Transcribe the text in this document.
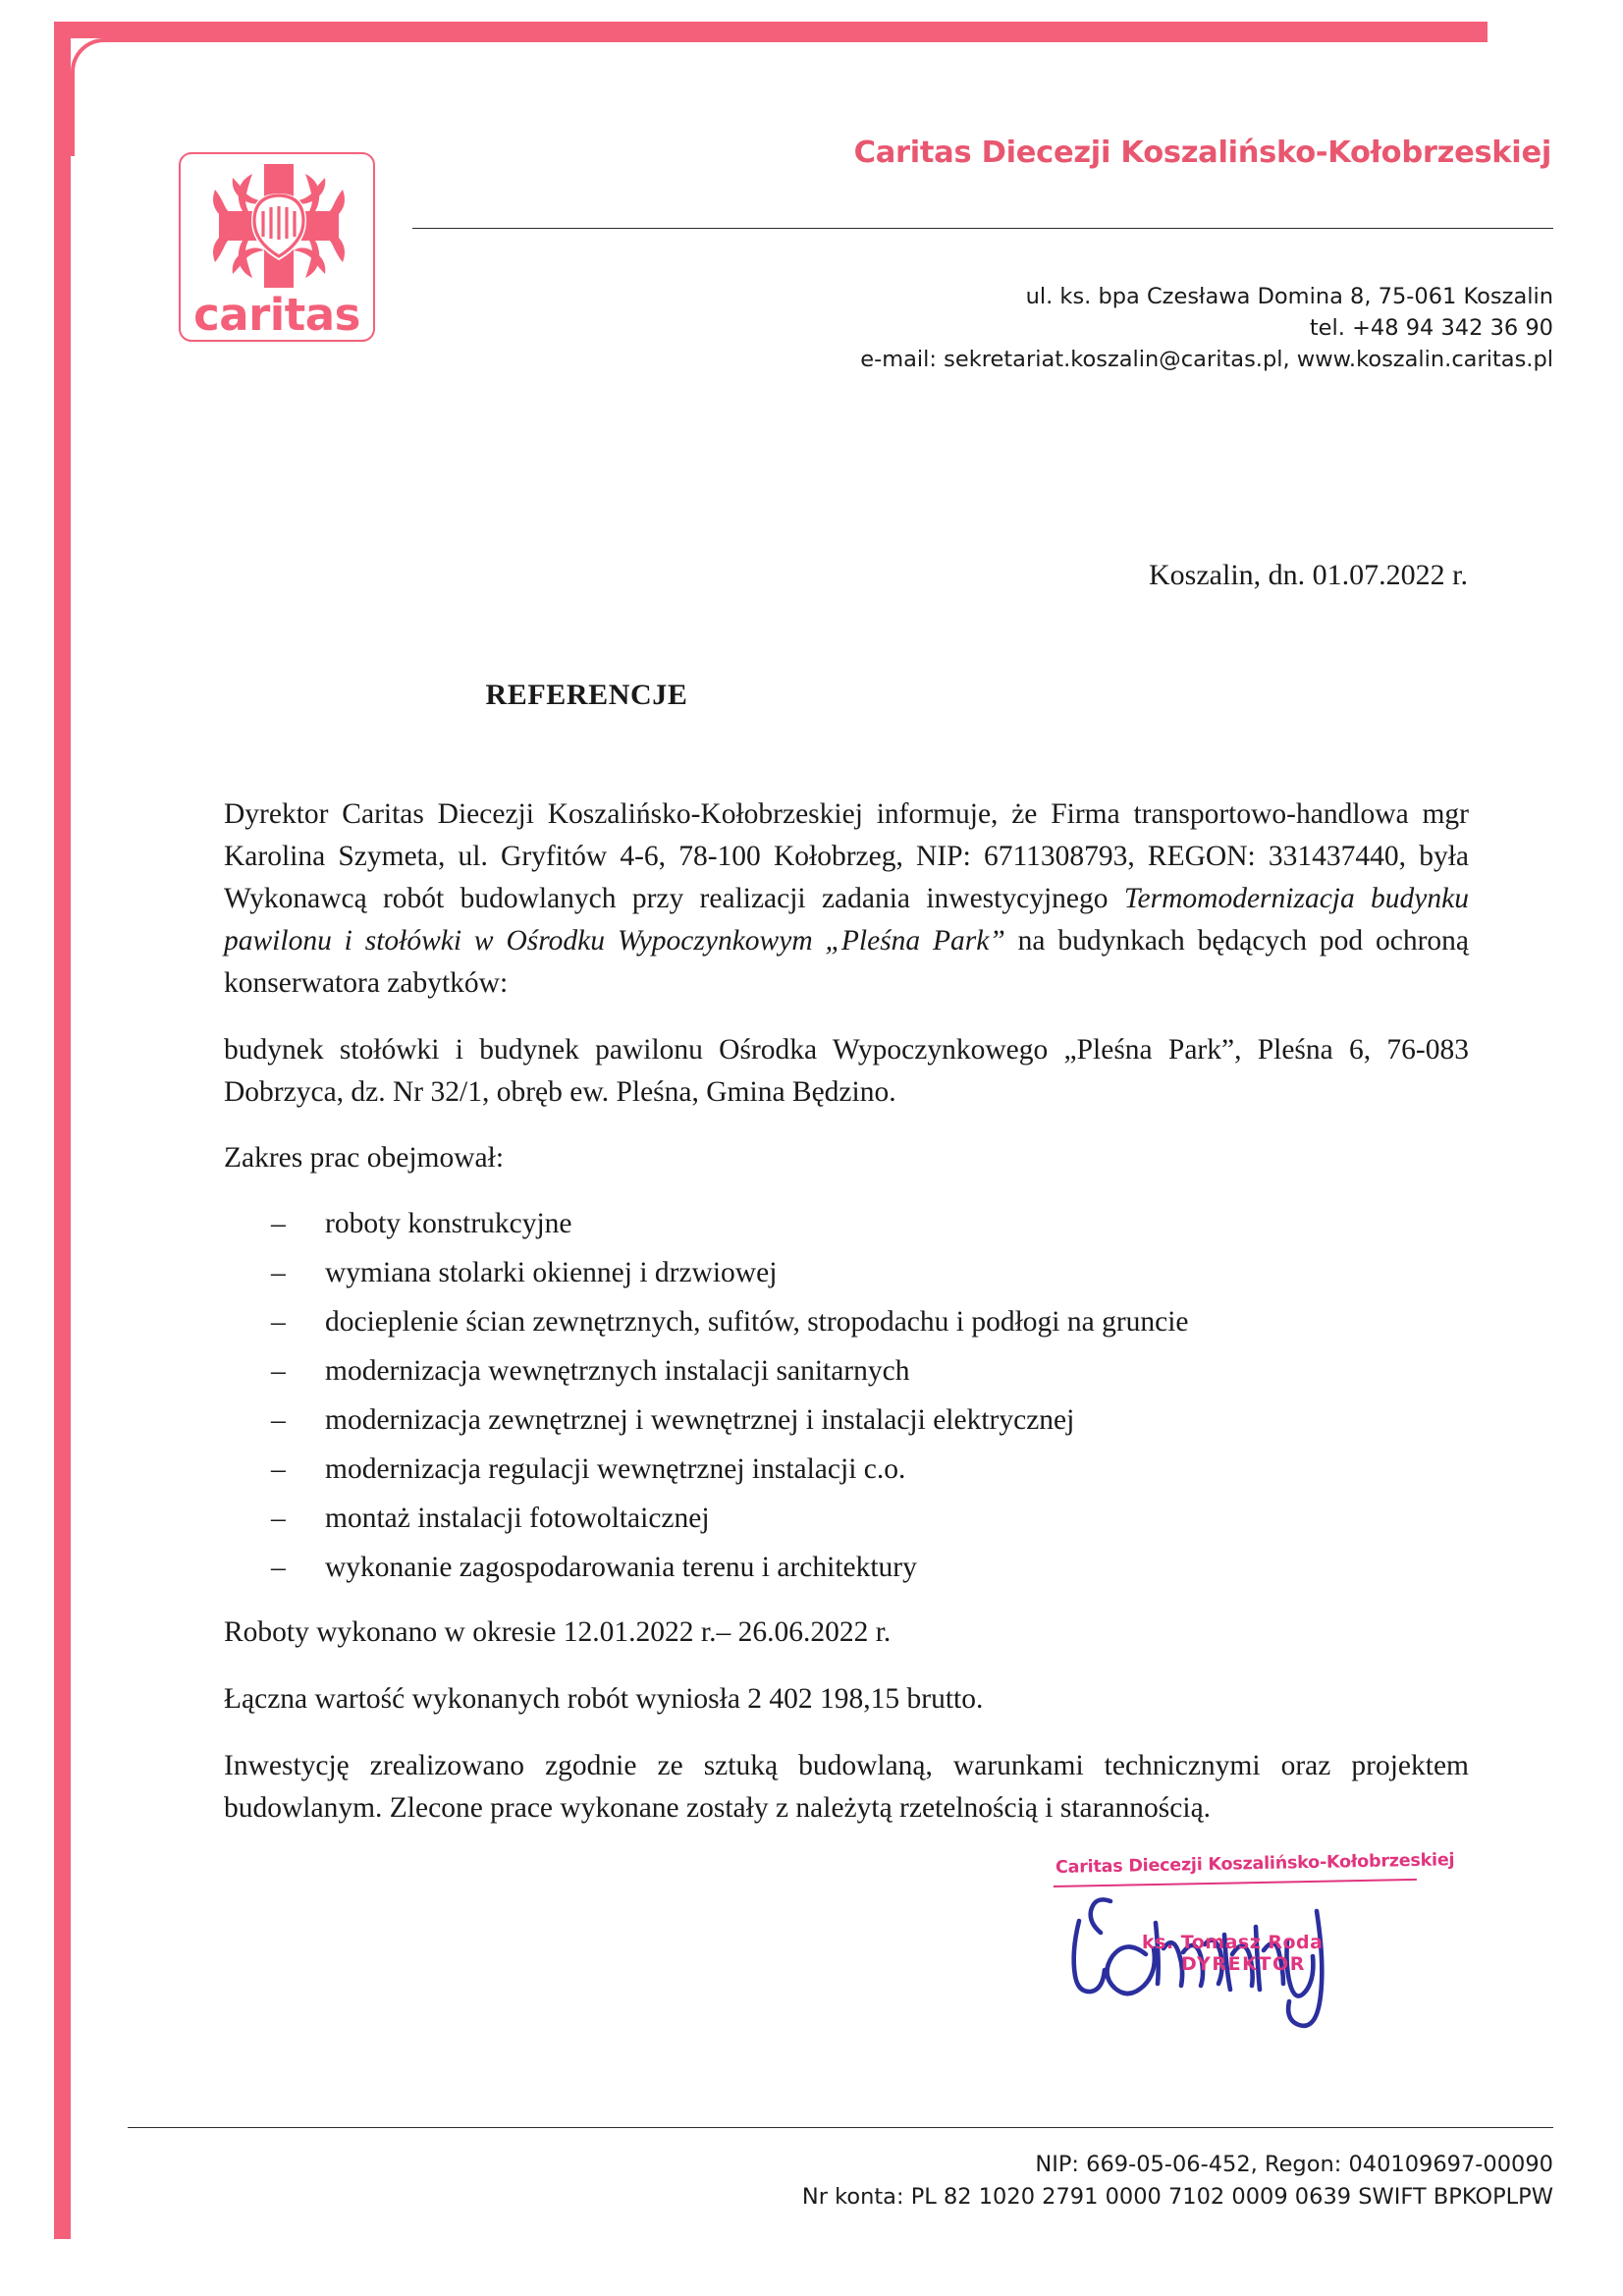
caritas
Caritas Diecezji Koszalińsko-Kołobrzeskiej
ul. ks. bpa Czesława Domina 8, 75-061 Koszalin
tel. +48 94 342 36 90
e-mail: sekretariat.koszalin@caritas.pl, www.koszalin.caritas.pl
Koszalin, dn. 01.07.2022 r.
REFERENCJE

Dyrektor Caritas Diecezji Koszalińsko-Kołobrzeskiej informuje, że Firma transportowo-handlowa mgr Karolina Szymeta, ul. Gryfitów 4-6, 78-100 Kołobrzeg, NIP: 6711308793, REGON: 331437440, była Wykonawcą robót budowlanych przy realizacji zadania inwestycyjnego Termomodernizacja budynku pawilonu i stołówki w Ośrodku Wypoczynkowym „Pleśna Park” na budynkach będących pod ochroną konserwatora zabytków:

budynek stołówki i budynek pawilonu Ośrodka Wypoczynkowego „Pleśna Park”, Pleśna 6, 76-083 Dobrzyca, dz. Nr 32/1, obręb ew. Pleśna, Gmina Będzino.

Zakres prac obejmował:

– roboty konstrukcyjne
– wymiana stolarki okiennej i drzwiowej
– docieplenie ścian zewnętrznych, sufitów, stropodachu i podłogi na gruncie
– modernizacja wewnętrznych instalacji sanitarnych
– modernizacja zewnętrznej i wewnętrznej i instalacji elektrycznej
– modernizacja regulacji wewnętrznej instalacji c.o.
– montaż instalacji fotowoltaicznej
– wykonanie zagospodarowania terenu i architektury

Roboty wykonano w okresie 12.01.2022 r.– 26.06.2022 r.

Łączna wartość wykonanych robót wyniosła 2 402 198,15 brutto.

Inwestycję zrealizowano zgodnie ze sztuką budowlaną, warunkami technicznymi oraz projektem budowlanym. Zlecone prace wykonane zostały z należytą rzetelnością i starannością.

Caritas Diecezji Koszalińsko-Kołobrzeskiej
ks. Tomasz Roda
DYREKTOR
NIP: 669-05-06-452, Regon: 040109697-00090
Nr konta: PL 82 1020 2791 0000 7102 0009 0639 SWIFT BPKOPLPW
